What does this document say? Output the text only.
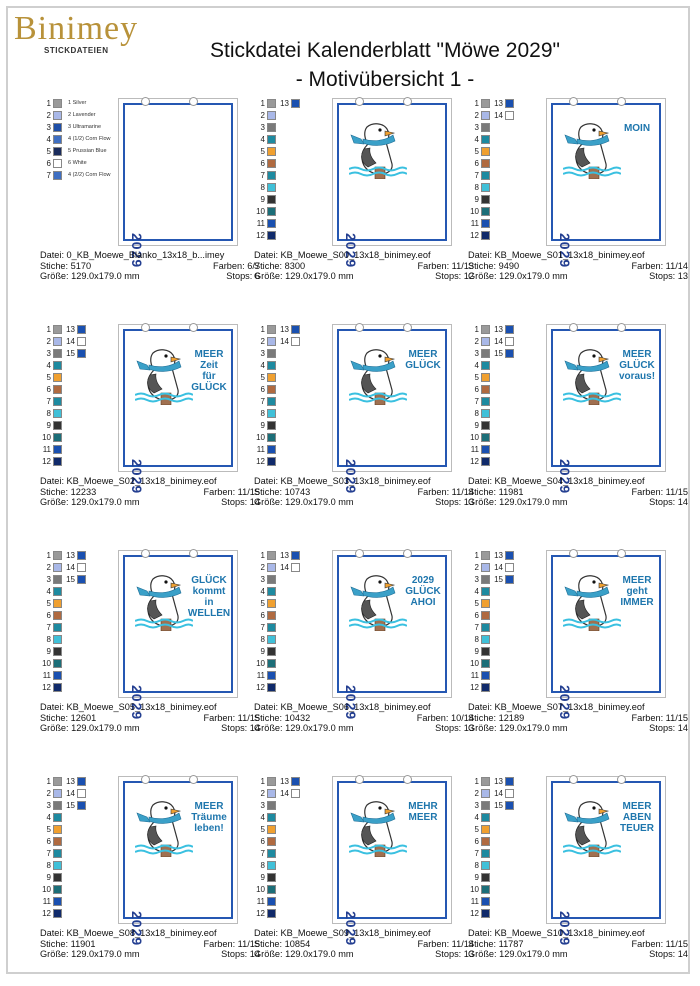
Binimey
STICKDATEIEN	Stickdatei Kalenderblatt "Möwe 2029"
- Motivübersicht 1 -
1	1 Silver
2	2 Lavender
3	3 Ultramarine
4	4 (1/2) Corn Flow
5	5 Prussian Blue
6	6 White
7	4 (2/2) Corn Flow
2029
Datei: 0_KB_Moewe_Blanko_13x18_b...imey
Stiche: 5170	Farben: 6/7
Größe: 129.0x179.0 mm	Stops: 6
1 13
2
3
4
5
6
7
8
9
10
11
12	2029
Datei: KB_Moewe_S00_13x18_binimey.eof
Stiche: 8300	Farben: 11/13
Größe: 129.0x179.0 mm	Stops: 12
1 13
2 14
3
4
5
6
7
8
9
10
11
12	2029
MOIN
Datei: KB_Moewe_S01_13x18_binimey.eof
Stiche: 9490	Farben: 11/14
Größe: 129.0x179.0 mm	Stops: 13
1 13
2 14
3 15
4
5
6
7
8
9
10
11
12	2029
MEER
Zeit
für
GLÜCK
Datei: KB_Moewe_S02_13x18_binimey.eof
Stiche: 12233	Farben: 11/15
Größe: 129.0x179.0 mm	Stops: 14
1 13
2 14
3
4
5
6
7
8
9
10
11
12	2029
MEER
GLÜCK
Datei: KB_Moewe_S03_13x18_binimey.eof
Stiche: 10743	Farben: 11/14
Größe: 129.0x179.0 mm	Stops: 13
1 13
2 14
3 15
4
5
6
7
8
9
10
11
12	2029
MEER
GLÜCK
voraus!
Datei: KB_Moewe_S04_13x18_binimey.eof
Stiche: 11981	Farben: 11/15
Größe: 129.0x179.0 mm	Stops: 14
1 13
2 14
3 15
4
5
6
7
8
9
10
11
12	2029
GLÜCK
kommt
in
WELLEN
Datei: KB_Moewe_S05_13x18_binimey.eof
Stiche: 12601	Farben: 11/15
Größe: 129.0x179.0 mm	Stops: 14
1 13
2 14
3
4
5
6
7
8
9
10
11
12	2029
2029
GLÜCK
AHOI
Datei: KB_Moewe_S06_13x18_binimey.eof
Stiche: 10432	Farben: 10/14
Größe: 129.0x179.0 mm	Stops: 13
1 13
2 14
3 15
4
5
6
7
8
9
10
11
12	2029
MEER
geht
IMMER
Datei: KB_Moewe_S07_13x18_binimey.eof
Stiche: 12189	Farben: 11/15
Größe: 129.0x179.0 mm	Stops: 14
1 13
2 14
3 15
4
5
6
7
8
9
10
11
12	2029
MEER
Träume
leben!
Datei: KB_Moewe_S08_13x18_binimey.eof
Stiche: 11901	Farben: 11/15
Größe: 129.0x179.0 mm	Stops: 14
1 13
2 14
3
4
5
6
7
8
9
10
11
12	2029
MEHR
MEER
Datei: KB_Moewe_S09_13x18_binimey.eof
Stiche: 10854	Farben: 11/14
Größe: 129.0x179.0 mm	Stops: 13
1 13
2 14
3 15
4
5
6
7
8
9
10
11
12	2029
MEER
ABEN
TEUER
Datei: KB_Moewe_S10_13x18_binimey.eof
Stiche: 11787	Farben: 11/15
Größe: 129.0x179.0 mm	Stops: 14
